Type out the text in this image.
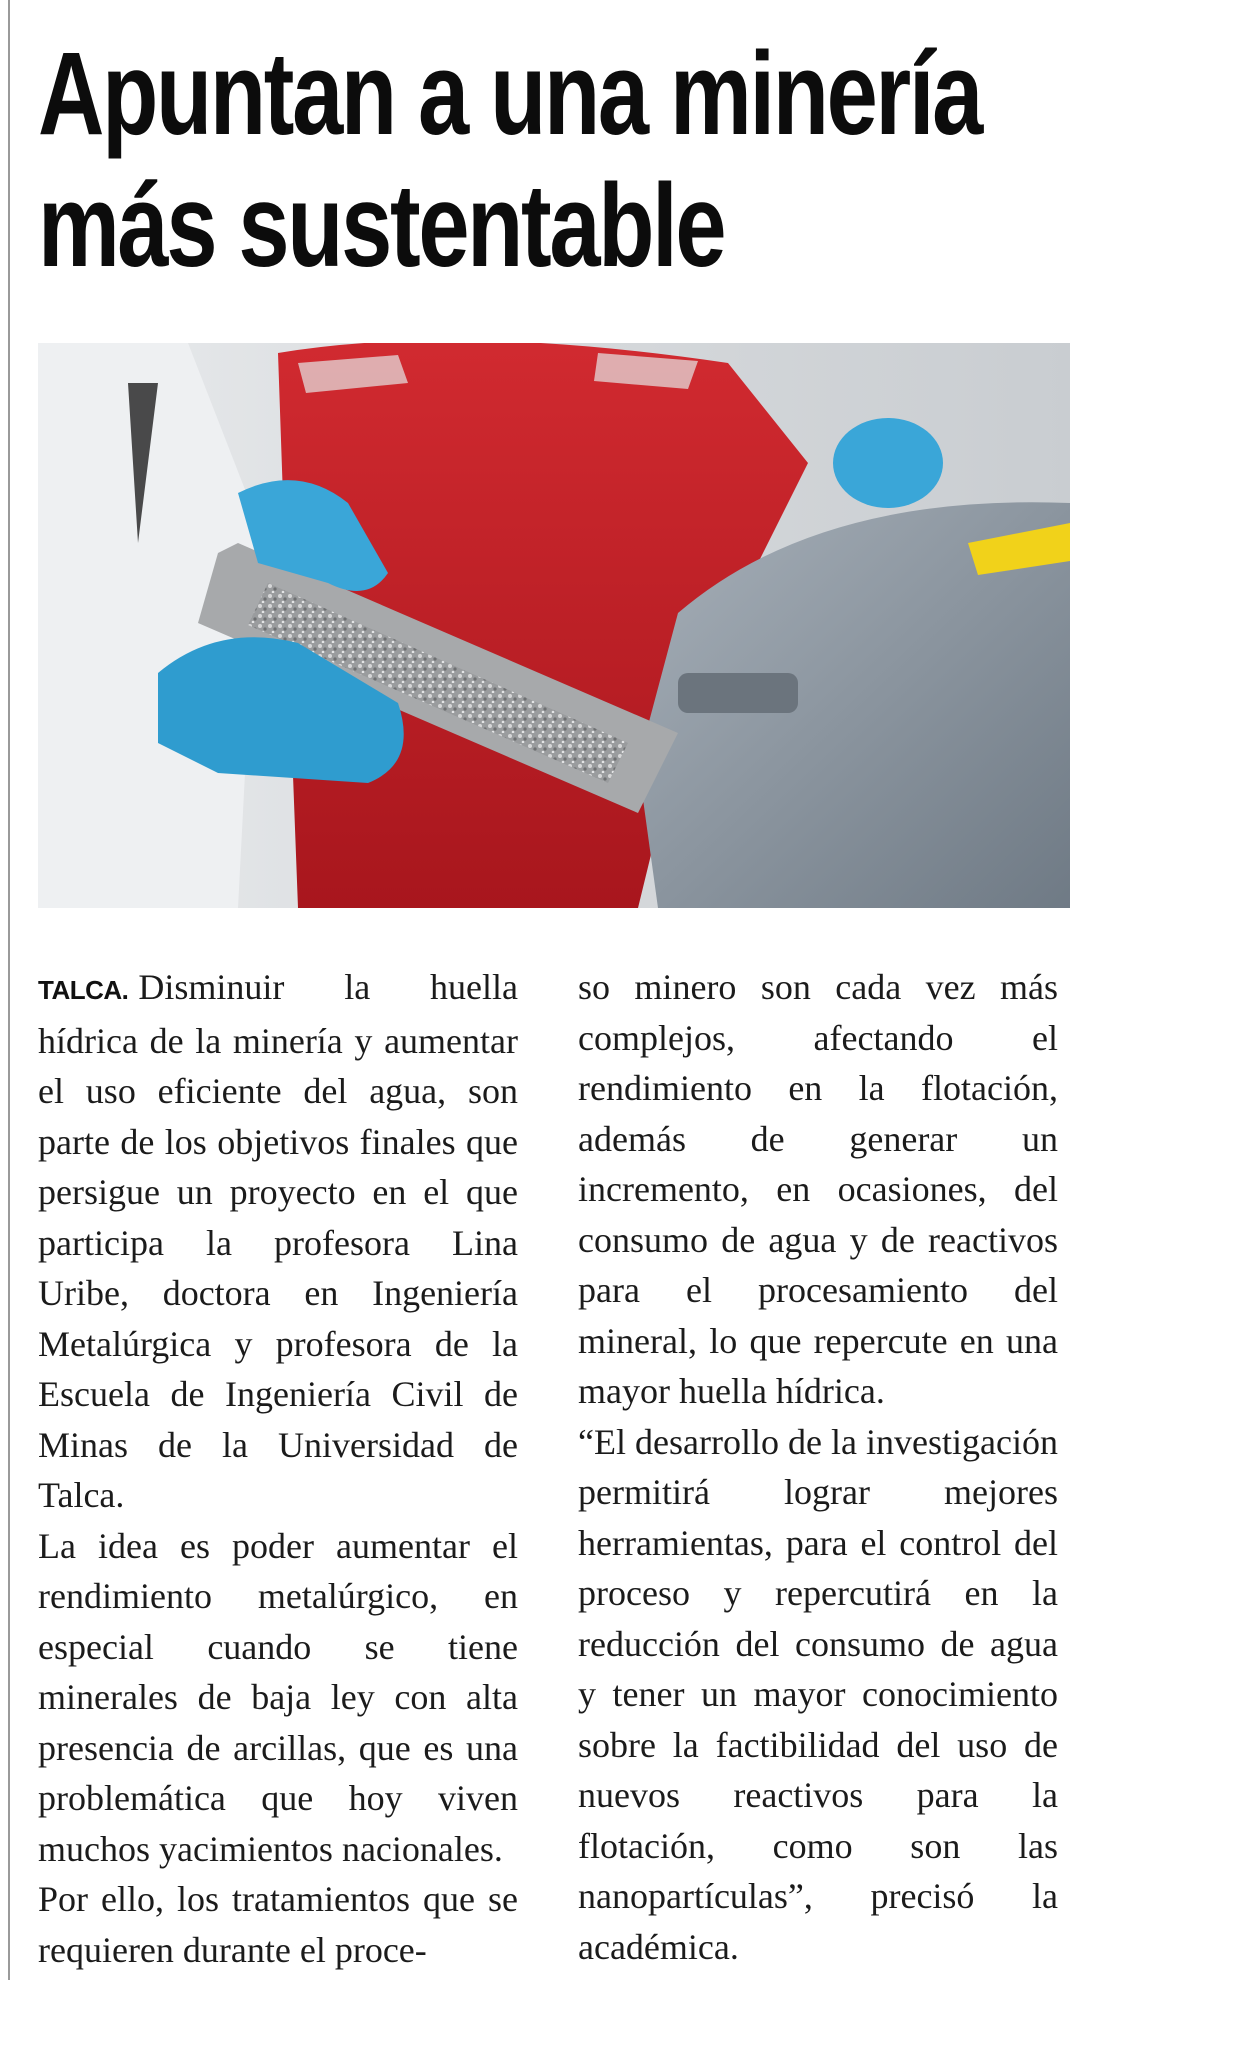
Apuntan a una minería
más sustentable

TALCA. Disminuir la huella hídrica de la minería y aumentar el uso eficiente del agua, son parte de los objetivos finales que persigue un proyecto en el que participa la profesora Lina Uribe, doctora en Ingeniería Metalúrgica y profesora de la Escuela de Ingeniería Civil de Minas de la Universidad de Talca.

La idea es poder aumentar el rendimiento metalúrgico, en especial cuando se tiene minerales de baja ley con alta presencia de arcillas, que es una problemática que hoy viven muchos yacimientos nacionales.

Por ello, los tratamientos que se requieren durante el proce-

so minero son cada vez más complejos, afectando el rendimiento en la flotación, además de generar un incremento, en ocasiones, del consumo de agua y de reactivos para el procesamiento del mineral, lo que repercute en una mayor huella hídrica.

“El desarrollo de la investigación permitirá lograr mejores herramientas, para el control del proceso y repercutirá en la reducción del consumo de agua y tener un mayor conocimiento sobre la factibilidad del uso de nuevos reactivos para la flotación, como son las nanopartículas”, precisó la académica.
